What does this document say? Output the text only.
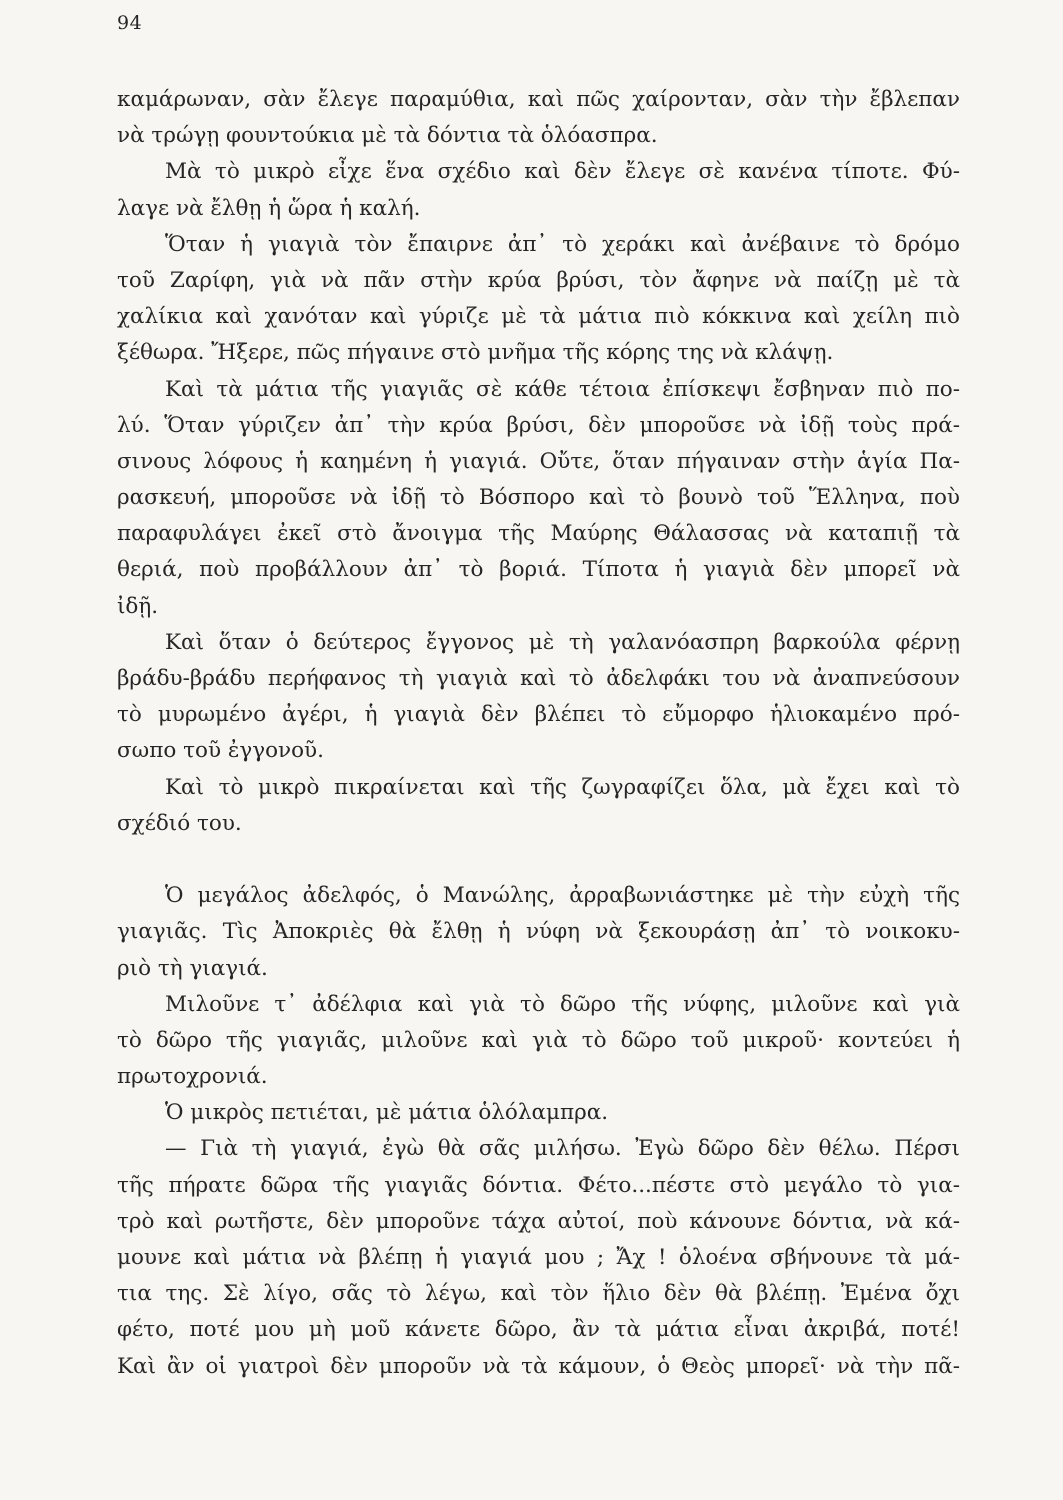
94
καμάρωναν, σὰν ἔλεγε παραμύθια, καὶ πῶς χαίρονταν, σὰν τὴν ἔβλεπαν
νὰ τρώγῃ φουντούκια μὲ τὰ δόντια τὰ ὁλόασπρα.
Μὰ τὸ μικρὸ εἶχε ἕνα σχέδιο καὶ δὲν ἔλεγε σὲ κανένα τίποτε. Φύ-
λαγε νὰ ἔλθῃ ἡ ὥρα ἡ καλή.
Ὅταν ἡ γιαγιὰ τὸν ἔπαιρνε ἀπ᾽ τὸ χεράκι καὶ ἀνέβαινε τὸ δρόμο
τοῦ Ζαρίφη, γιὰ νὰ πᾶν στὴν κρύα βρύσι, τὸν ἄφηνε νὰ παίζῃ μὲ τὰ
χαλίκια καὶ χανόταν καὶ γύριζε μὲ τὰ μάτια πιὸ κόκκινα καὶ χείλη πιὸ
ξέθωρα. Ἤξερε, πῶς πήγαινε στὸ μνῆμα τῆς κόρης της νὰ κλάψῃ.
Καὶ τὰ μάτια τῆς γιαγιᾶς σὲ κάθε τέτοια ἐπίσκεψι ἔσβηναν πιὸ πο-
λύ. Ὅταν γύριζεν ἀπ᾽ τὴν κρύα βρύσι, δὲν μποροῦσε νὰ ἰδῇ τοὺς πρά-
σινους λόφους ἡ καημένη ἡ γιαγιά. Οὔτε, ὅταν πήγαιναν στὴν ἁγία Πα-
ρασκευή, μποροῦσε νὰ ἰδῇ τὸ Βόσπορο καὶ τὸ βουνὸ τοῦ Ἕλληνα, ποὺ
παραφυλάγει ἐκεῖ στὸ ἄνοιγμα τῆς Μαύρης Θάλασσας νὰ καταπιῇ τὰ
θεριά, ποὺ προβάλλουν ἀπ᾽ τὸ βοριά. Τίποτα ἡ γιαγιὰ δὲν μπορεῖ νὰ
ἰδῇ.
Καὶ ὅταν ὁ δεύτερος ἔγγονος μὲ τὴ γαλανόασπρη βαρκούλα φέρνῃ
βράδυ-βράδυ περήφανος τὴ γιαγιὰ καὶ τὸ ἀδελφάκι του νὰ ἀναπνεύσουν
τὸ μυρωμένο ἀγέρι, ἡ γιαγιὰ δὲν βλέπει τὸ εὔμορφο ἡλιοκαμένο πρό-
σωπο τοῦ ἐγγονοῦ.
Καὶ τὸ μικρὸ πικραίνεται καὶ τῆς ζωγραφίζει ὅλα, μὰ ἔχει καὶ τὸ
σχέδιό του.
Ὁ μεγάλος ἀδελφός, ὁ Μανώλης, ἀρραβωνιάστηκε μὲ τὴν εὐχὴ τῆς
γιαγιᾶς. Τὶς Ἀποκριὲς θὰ ἔλθῃ ἡ νύφη νὰ ξεκουράσῃ ἀπ᾽ τὸ νοικοκυ-
ριὸ τὴ γιαγιά.
Μιλοῦνε τ᾽ ἀδέλφια καὶ γιὰ τὸ δῶρο τῆς νύφης, μιλοῦνε καὶ γιὰ
τὸ δῶρο τῆς γιαγιᾶς, μιλοῦνε καὶ γιὰ τὸ δῶρο τοῦ μικροῦ· κοντεύει ἡ
πρωτοχρονιά.
Ὁ μικρὸς πετιέται, μὲ μάτια ὁλόλαμπρα.
— Γιὰ τὴ γιαγιά, ἐγὼ θὰ σᾶς μιλήσω. Ἐγὼ δῶρο δὲν θέλω. Πέρσι
τῆς πήρατε δῶρα τῆς γιαγιᾶς δόντια. Φέτο...πέστε στὸ μεγάλο τὸ για-
τρὸ καὶ ρωτῆστε, δὲν μποροῦνε τάχα αὐτοί, ποὺ κάνουνε δόντια, νὰ κά-
μουνε καὶ μάτια νὰ βλέπῃ ἡ γιαγιά μου ; Ἄχ ! ὁλοένα σβήνουνε τὰ μά-
τια της. Σὲ λίγο, σᾶς τὸ λέγω, καὶ τὸν ἥλιο δὲν θὰ βλέπῃ. Ἐμένα ὄχι
φέτο, ποτέ μου μὴ μοῦ κάνετε δῶρο, ἂν τὰ μάτια εἶναι ἀκριβά, ποτέ!
Καὶ ἂν οἱ γιατροὶ δὲν μποροῦν νὰ τὰ κάμουν, ὁ Θεὸς μπορεῖ· νὰ τὴν πᾶ-
